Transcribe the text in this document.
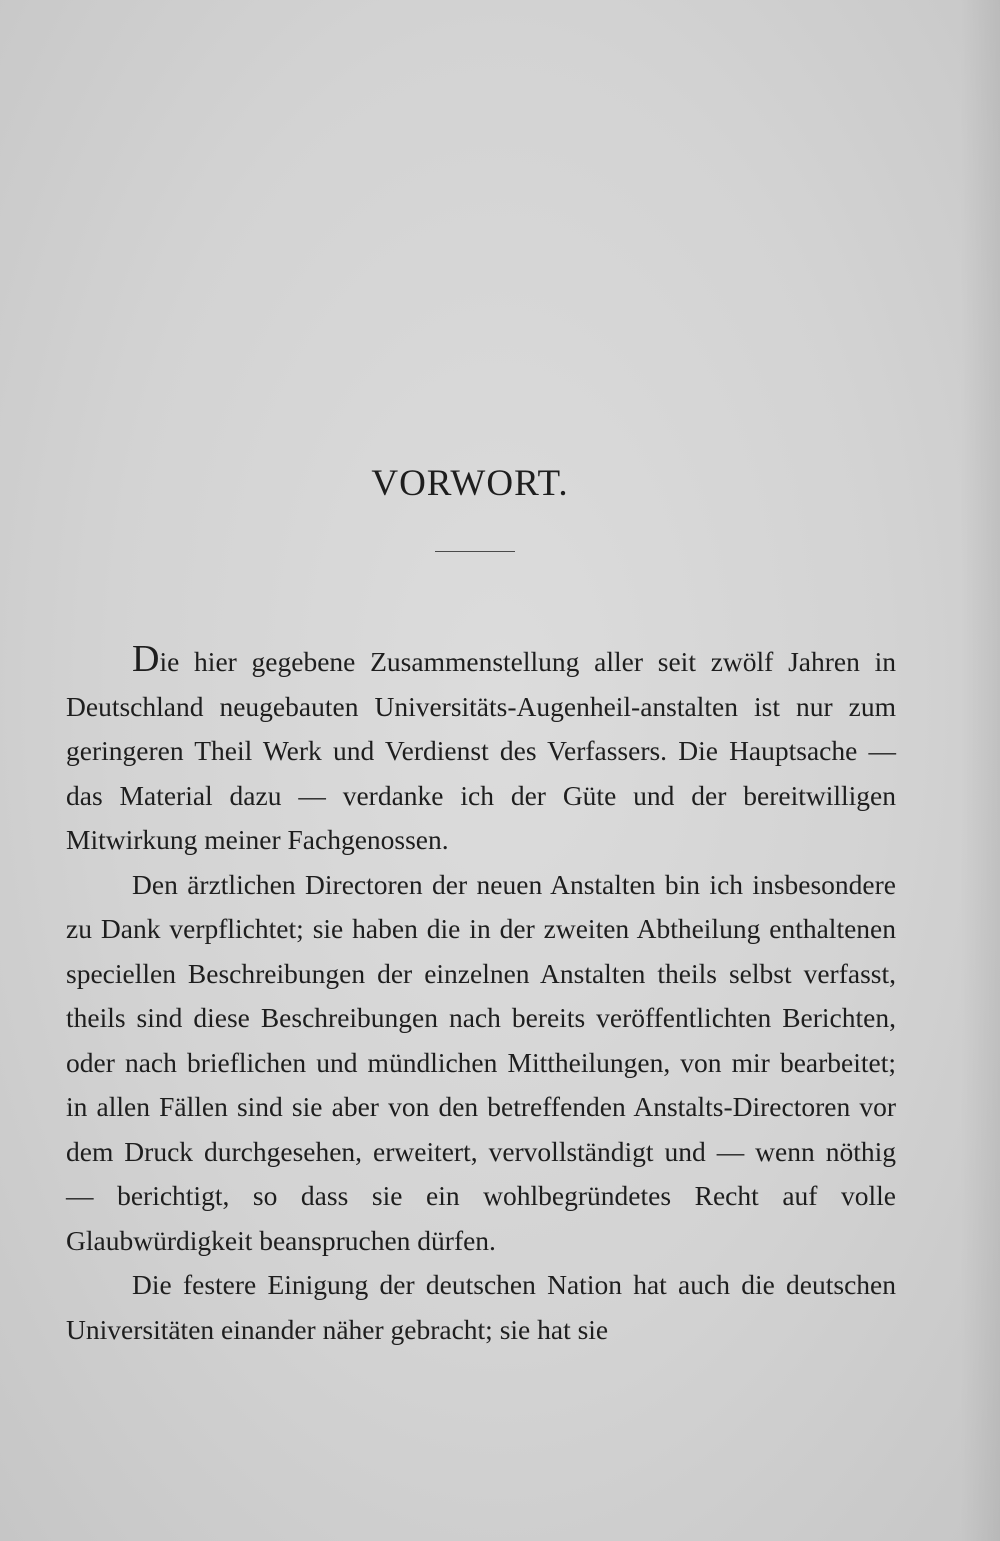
VORWORT.

Die hier gegebene Zusammenstellung aller seit zwölf Jahren in Deutschland neugebauten Universitäts-Augenheil-anstalten ist nur zum geringeren Theil Werk und Verdienst des Verfassers. Die Hauptsache — das Material dazu — verdanke ich der Güte und der bereitwilligen Mitwirkung meiner Fachgenossen.

Den ärztlichen Directoren der neuen Anstalten bin ich insbesondere zu Dank verpflichtet; sie haben die in der zweiten Abtheilung enthaltenen speciellen Beschreibungen der einzelnen Anstalten theils selbst verfasst, theils sind diese Beschreibungen nach bereits veröffentlichten Berichten, oder nach brieflichen und mündlichen Mittheilungen, von mir bearbeitet; in allen Fällen sind sie aber von den betreffenden Anstalts-Directoren vor dem Druck durchgesehen, erweitert, vervollständigt und — wenn nöthig — berichtigt, so dass sie ein wohlbegründetes Recht auf volle Glaubwürdigkeit beanspruchen dürfen.

Die festere Einigung der deutschen Nation hat auch die deutschen Universitäten einander näher gebracht; sie hat sie
